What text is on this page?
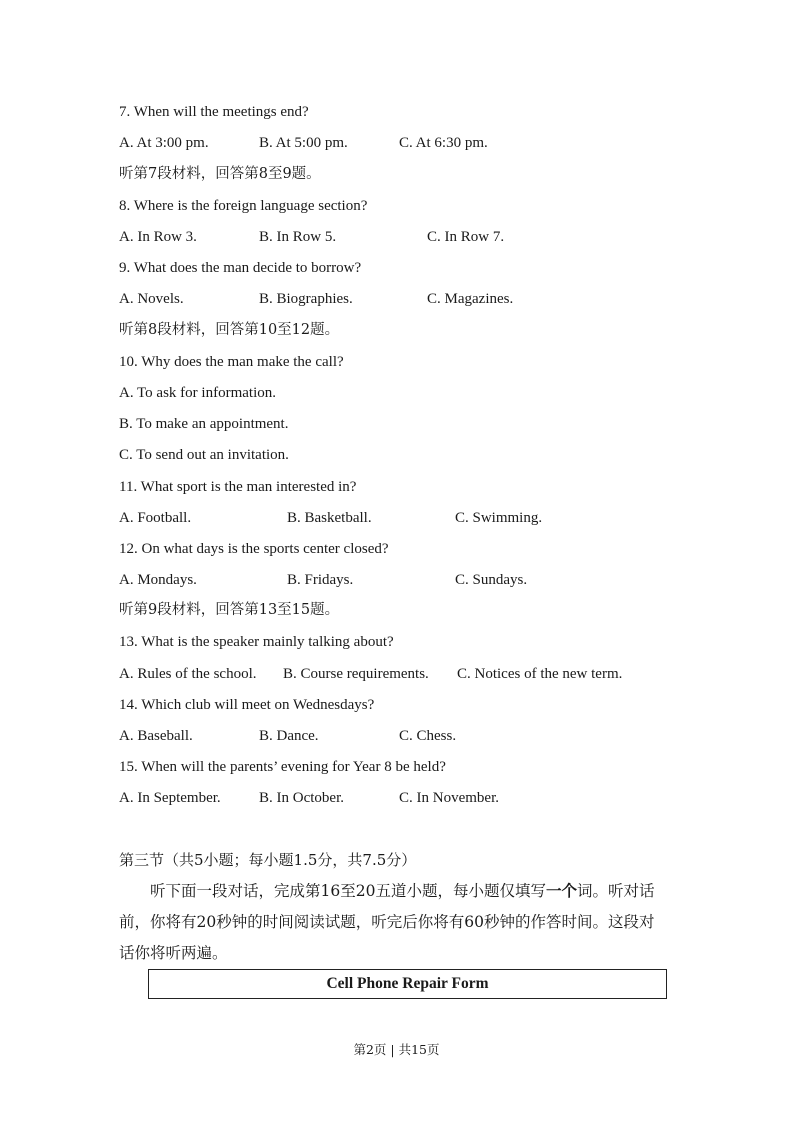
7. When will the meetings end?
A. At 3:00 pm.	B. At 5:00 pm.	C. At 6:30 pm.
听第7段材料，回答第8至9题。
8. Where is the foreign language section?
A. In Row 3.	B. In Row 5.	C. In Row 7.
9. What does the man decide to borrow?
A. Novels.	B. Biographies.	C. Magazines.
听第8段材料，回答第10至12题。
10. Why does the man make the call?
A. To ask for information.
B. To make an appointment.
C. To send out an invitation.
11. What sport is the man interested in?
A. Football.	B. Basketball.	C. Swimming.
12. On what days is the sports center closed?
A. Mondays.	B. Fridays.	C. Sundays.
听第9段材料，回答第13至15题。
13. What is the speaker mainly talking about?
A. Rules of the school. B. Course requirements. C. Notices of the new term.
14. Which club will meet on Wednesdays?
A. Baseball.	B. Dance.	C. Chess.
15. When will the parents’ evening for Year 8 be held?
A. In September.	B. In October.	C. In November.
第三节（共5小题；每小题1.5分，共7.5分）
听下面一段对话，完成第16至20五道小题，每小题仅填写一个词。听对话前，你将有20秒钟的时间阅读试题，听完后你将有60秒钟的作答时间。这段对话你将听两遍。
Cell Phone Repair Form
第2页 | 共15页
